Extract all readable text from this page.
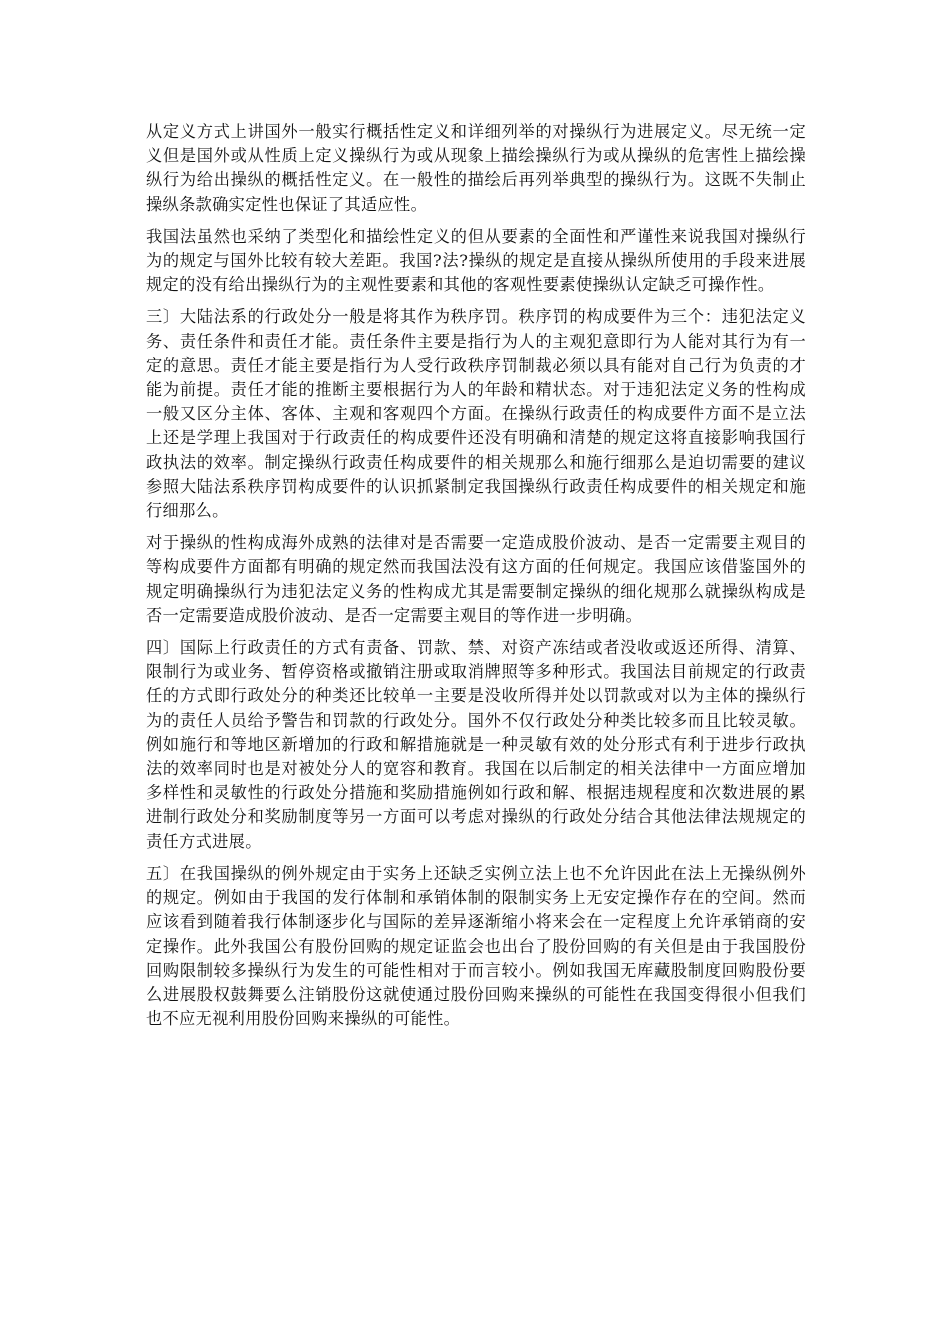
从定义方式上讲国外一般实行概括性定义和详细列举的对操纵行为进展定义。尽无统一定义但是国外或从性质上定义操纵行为或从现象上描绘操纵行为或从操纵的危害性上描绘操纵行为给出操纵的概括性定义。在一般性的描绘后再列举典型的操纵行为。这既不失制止操纵条款确实定性也保证了其适应性。

我国法虽然也采纳了类型化和描绘性定义的但从要素的全面性和严谨性来说我国对操纵行为的规定与国外比较有较大差距。我国?法?操纵的规定是直接从操纵所使用的手段来进展规定的没有给出操纵行为的主观性要素和其他的客观性要素使操纵认定缺乏可操作性。

三〕大陆法系的行政处分一般是将其作为秩序罚。秩序罚的构成要件为三个：违犯法定义务、责任条件和责任才能。责任条件主要是指行为人的主观犯意即行为人能对其行为有一定的意思。责任才能主要是指行为人受行政秩序罚制裁必须以具有能对自己行为负责的才能为前提。责任才能的推断主要根据行为人的年龄和精状态。对于违犯法定义务的性构成一般又区分主体、客体、主观和客观四个方面。在操纵行政责任的构成要件方面不是立法上还是学理上我国对于行政责任的构成要件还没有明确和清楚的规定这将直接影响我国行政执法的效率。制定操纵行政责任构成要件的相关规那么和施行细那么是迫切需要的建议参照大陆法系秩序罚构成要件的认识抓紧制定我国操纵行政责任构成要件的相关规定和施行细那么。

对于操纵的性构成海外成熟的法律对是否需要一定造成股价波动、是否一定需要主观目的等构成要件方面都有明确的规定然而我国法没有这方面的任何规定。我国应该借鉴国外的规定明确操纵行为违犯法定义务的性构成尤其是需要制定操纵的细化规那么就操纵构成是否一定需要造成股价波动、是否一定需要主观目的等作进一步明确。

四〕国际上行政责任的方式有责备、罚款、禁、对资产冻结或者没收或返还所得、清算、限制行为或业务、暂停资格或撤销注册或取消牌照等多种形式。我国法目前规定的行政责任的方式即行政处分的种类还比较单一主要是没收所得并处以罚款或对以为主体的操纵行为的责任人员给予警告和罚款的行政处分。国外不仅行政处分种类比较多而且比较灵敏。例如施行和等地区新增加的行政和解措施就是一种灵敏有效的处分形式有利于进步行政执法的效率同时也是对被处分人的宽容和教育。我国在以后制定的相关法律中一方面应增加多样性和灵敏性的行政处分措施和奖励措施例如行政和解、根据违规程度和次数进展的累进制行政处分和奖励制度等另一方面可以考虑对操纵的行政处分结合其他法律法规规定的责任方式进展。

五〕在我国操纵的例外规定由于实务上还缺乏实例立法上也不允许因此在法上无操纵例外的规定。例如由于我国的发行体制和承销体制的限制实务上无安定操作存在的空间。然而应该看到随着我行体制逐步化与国际的差异逐渐缩小将来会在一定程度上允许承销商的安定操作。此外我国公有股份回购的规定证监会也出台了股份回购的有关但是由于我国股份回购限制较多操纵行为发生的可能性相对于而言较小。例如我国无库藏股制度回购股份要么进展股权鼓舞要么注销股份这就使通过股份回购来操纵的可能性在我国变得很小但我们也不应无视利用股份回购来操纵的可能性。
